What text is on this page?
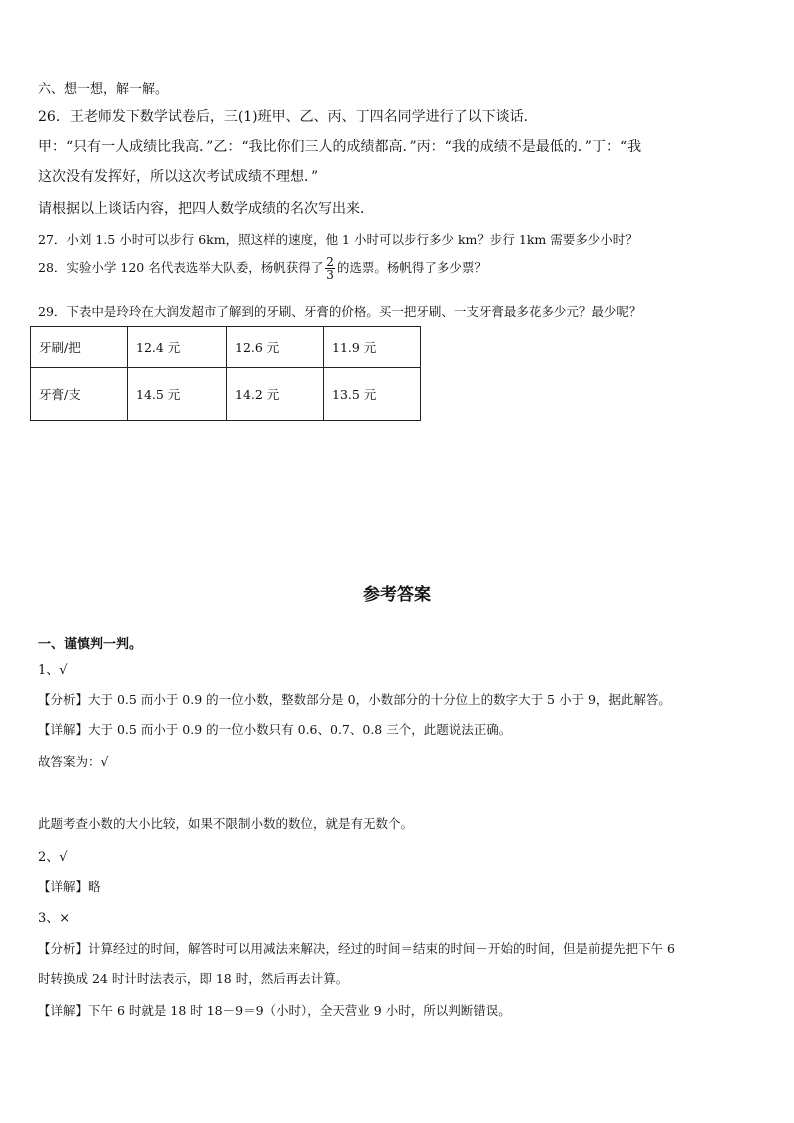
六、想一想，解一解。
26．王老师发下数学试卷后，三(1)班甲、乙、丙、丁四名同学进行了以下谈话．
甲：“只有一人成绩比我高．”乙：“我比你们三人的成绩都高．”丙：“我的成绩不是最低的．”丁：“我
这次没有发挥好，所以这次考试成绩不理想．”
请根据以上谈话内容，把四人数学成绩的名次写出来．
27．小刘 1.5 小时可以步行 6km，照这样的速度，他 1 小时可以步行多少 km？步行 1km 需要多少小时？
28．实验小学 120 名代表选举大队委，杨帆获得了 $\frac{2}{3}$ 的选票。杨帆得了多少票？
29．下表中是玲玲在大润发超市了解到的牙刷、牙膏的价格。买一把牙刷、一支牙膏最多花多少元？最少呢？
牙刷/把	12.4 元	12.6 元	11.9 元
牙膏/支	14.5 元	14.2 元	13.5 元
参考答案
一、谨慎判一判。
1、√
【分析】大于 0.5 而小于 0.9 的一位小数，整数部分是 0，小数部分的十分位上的数字大于 5 小于 9，据此解答。
【详解】大于 0.5 而小于 0.9 的一位小数只有 0.6、0.7、0.8 三个，此题说法正确。
故答案为：√
此题考查小数的大小比较，如果不限制小数的数位，就是有无数个。
2、√
【详解】略
3、×
【分析】计算经过的时间，解答时可以用减法来解决，经过的时间＝结束的时间－开始的时间，但是前提先把下午 6
时转换成 24 时计时法表示，即 18 时，然后再去计算。
【详解】下午 6 时就是 18 时 18－9＝9（小时），全天营业 9 小时，所以判断错误。
